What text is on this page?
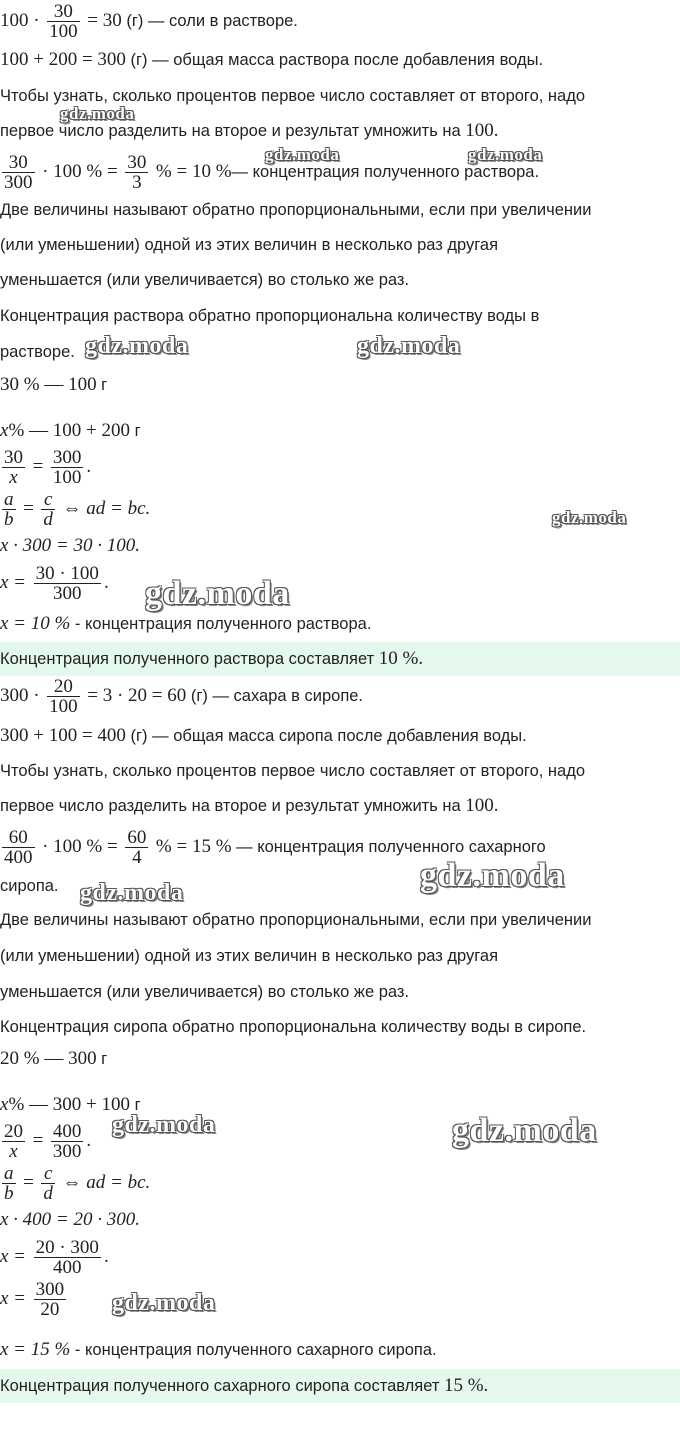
$100 \cdot \frac{30}{100} = 30$ (г) — соли в растворе.
100 + 200 = 300 (г) — общая масса раствора после добавления воды.
Чтобы узнать, сколько процентов первое число составляет от второго, надо
первое число разделить на второе и результат умножить на 100.
$\frac{30}{300} \cdot 100$ % = $\frac{30}{3}$ % = 10 %— концентрация полученного раствора.
Две величины называют обратно пропорциональными, если при увеличении
(или уменьшении) одной из этих величин в несколько раз другая
уменьшается (или увеличивается) во столько же раз.
Концентрация раствора обратно пропорциональна количеству воды в
растворе.
30 % — 100 г
x% — 100 + 200 г
$\frac{30}{x} = \frac{300}{100}$ .
$\frac{a}{b} = \frac{c}{d}$ ⇔ ad = bc.
x · 300 = 30 · 100.
$x = \frac{30 \cdot 100}{300}$ .
x = 10 % - концентрация полученного раствора.
Концентрация полученного раствора составляет 10 %.
$300 \cdot \frac{20}{100} = 3 \cdot 20 = 60$ (г) — сахара в сиропе.
300 + 100 = 400 (г) — общая масса сиропа после добавления воды.
Чтобы узнать, сколько процентов первое число составляет от второго, надо
первое число разделить на второе и результат умножить на 100.
$\frac{60}{400} \cdot 100$ % = $\frac{60}{4}$ % = 15 % — концентрация полученного сахарного
сиропа.
Две величины называют обратно пропорциональными, если при увеличении
(или уменьшении) одной из этих величин в несколько раз другая
уменьшается (или увеличивается) во столько же раз.
Концентрация сиропа обратно пропорциональна количеству воды в сиропе.
20 % — 300 г
x% — 300 + 100 г
$\frac{20}{x} = \frac{400}{300}$ .
$\frac{a}{b} = \frac{c}{d}$ ⇔ ad = bc.
x · 400 = 20 · 300.
$x = \frac{20 \cdot 300}{400}$ .
$x = \frac{300}{20}$
x = 15 % - концентрация полученного сахарного сиропа.
Концентрация полученного сахарного сиропа составляет 15 %.
gdz.moda
gdz.moda	gdz.moda
gdz.moda	gdz.moda
gdz.moda
gdz.moda
gdz.moda	gdz.moda
gdz.moda	gdz.moda
gdz.moda
